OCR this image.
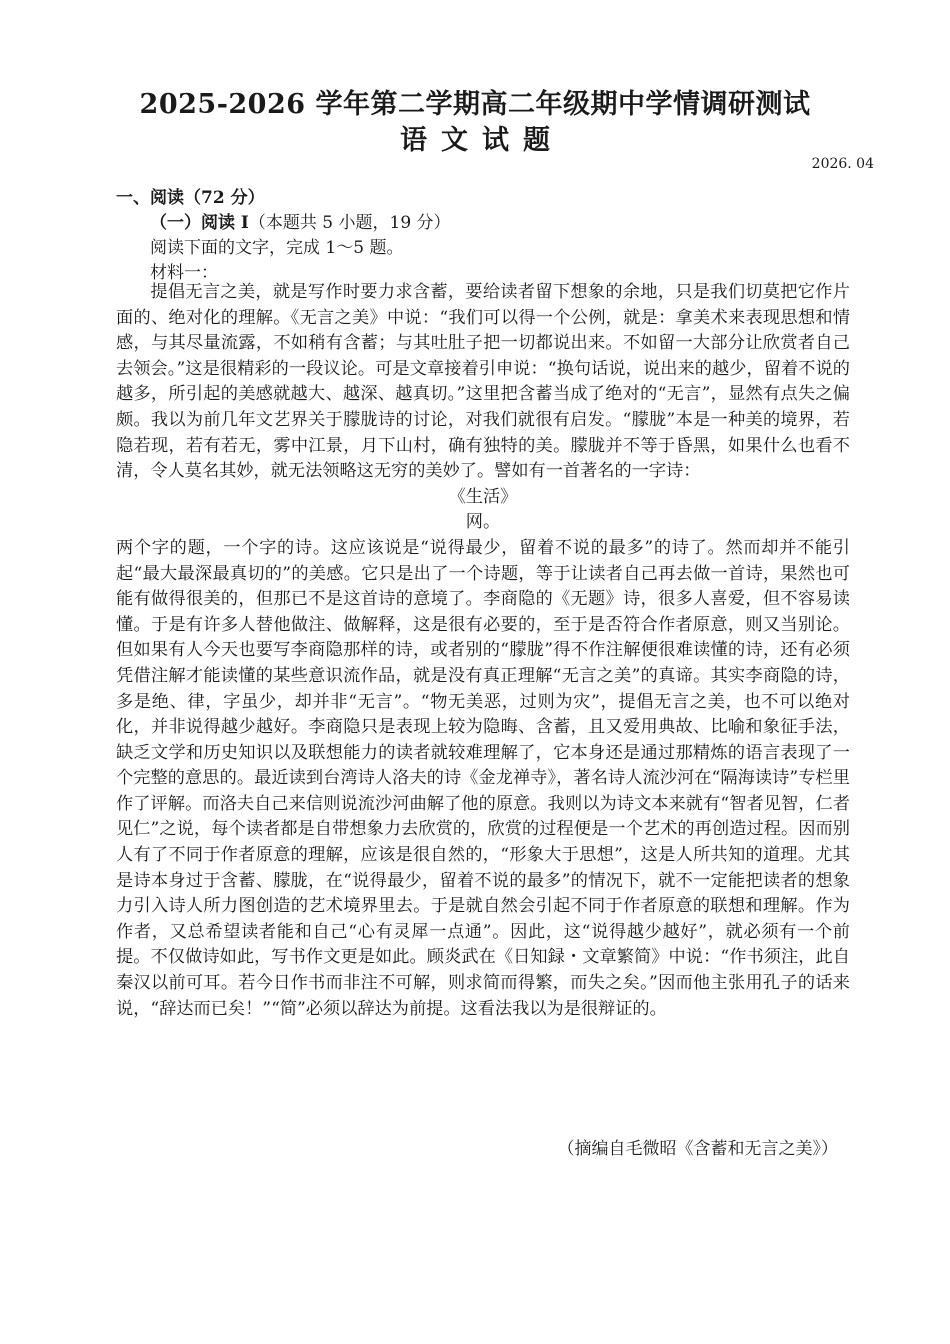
2025-2026 学年第二学期高二年级期中学情调研测试
语文试题
2026. 04
一、阅读（72 分）
（一）阅读 I（本题共 5 小题，19 分）
阅读下面的文字，完成 1～5 题。
材料一：

提倡无言之美，就是写作时要力求含蓄，要给读者留下想象的余地，只是我们切莫把它作片面的、绝对化的理解。《无言之美》中说：“我们可以得一个公例，就是：拿美术来表现思想和情感，与其尽量流露，不如稍有含蓄；与其吐肚子把一切都说出来。不如留一大部分让欣赏者自己去领会。”这是很精彩的一段议论。可是文章接着引申说：“换句话说，说出来的越少，留着不说的越多，所引起的美感就越大、越深、越真切。”这里把含蓄当成了绝对的“无言”，显然有点失之偏颇。我以为前几年文艺界关于朦胧诗的讨论，对我们就很有启发。“朦胧”本是一种美的境界，若隐若现，若有若无，雾中江景，月下山村，确有独特的美。朦胧并不等于昏黑，如果什么也看不清，令人莫名其妙，就无法领略这无穷的美妙了。譬如有一首著名的一字诗：

《生活》

网。

两个字的题，一个字的诗。这应该说是“说得最少，留着不说的最多”的诗了。然而却并不能引起“最大最深最真切的”的美感。它只是出了一个诗题，等于让读者自己再去做一首诗，果然也可能有做得很美的，但那已不是这首诗的意境了。李商隐的《无题》诗，很多人喜爱，但不容易读懂。于是有许多人替他做注、做解释，这是很有必要的，至于是否符合作者原意，则又当别论。但如果有人今天也要写李商隐那样的诗，或者别的“朦胧”得不作注解便很难读懂的诗，还有必须凭借注解才能读懂的某些意识流作品，就是没有真正理解“无言之美”的真谛。其实李商隐的诗，多是绝、律，字虽少，却并非“无言”。“物无美恶，过则为灾”，提倡无言之美，也不可以绝对化，并非说得越少越好。李商隐只是表现上较为隐晦、含蓄，且又爱用典故、比喻和象征手法，缺乏文学和历史知识以及联想能力的读者就较难理解了，它本身还是通过那精炼的语言表现了一个完整的意思的。最近读到台湾诗人洛夫的诗《金龙禅寺》，著名诗人流沙河在“隔海读诗”专栏里作了评解。而洛夫自己来信则说流沙河曲解了他的原意。我则以为诗文本来就有“智者见智，仁者见仁”之说，每个读者都是自带想象力去欣赏的，欣赏的过程便是一个艺术的再创造过程。因而别人有了不同于作者原意的理解，应该是很自然的，“形象大于思想”，这是人所共知的道理。尤其是诗本身过于含蓄、朦胧，在“说得最少，留着不说的最多”的情况下，就不一定能把读者的想象力引入诗人所力图创造的艺术境界里去。于是就自然会引起不同于作者原意的联想和理解。作为作者，又总希望读者能和自己“心有灵犀一点通”。因此，这“说得越少越好”，就必须有一个前提。不仅做诗如此，写书作文更是如此。顾炎武在《日知録・文章繁简》中说：“作书须注，此自秦汉以前可耳。若今日作书而非注不可解，则求简而得繁，而失之矣。”因而他主张用孔子的话来说，“辞达而已矣！”“简”必须以辞达为前提。这看法我以为是很辩证的。

（摘编自毛微昭《含蓄和无言之美》）
